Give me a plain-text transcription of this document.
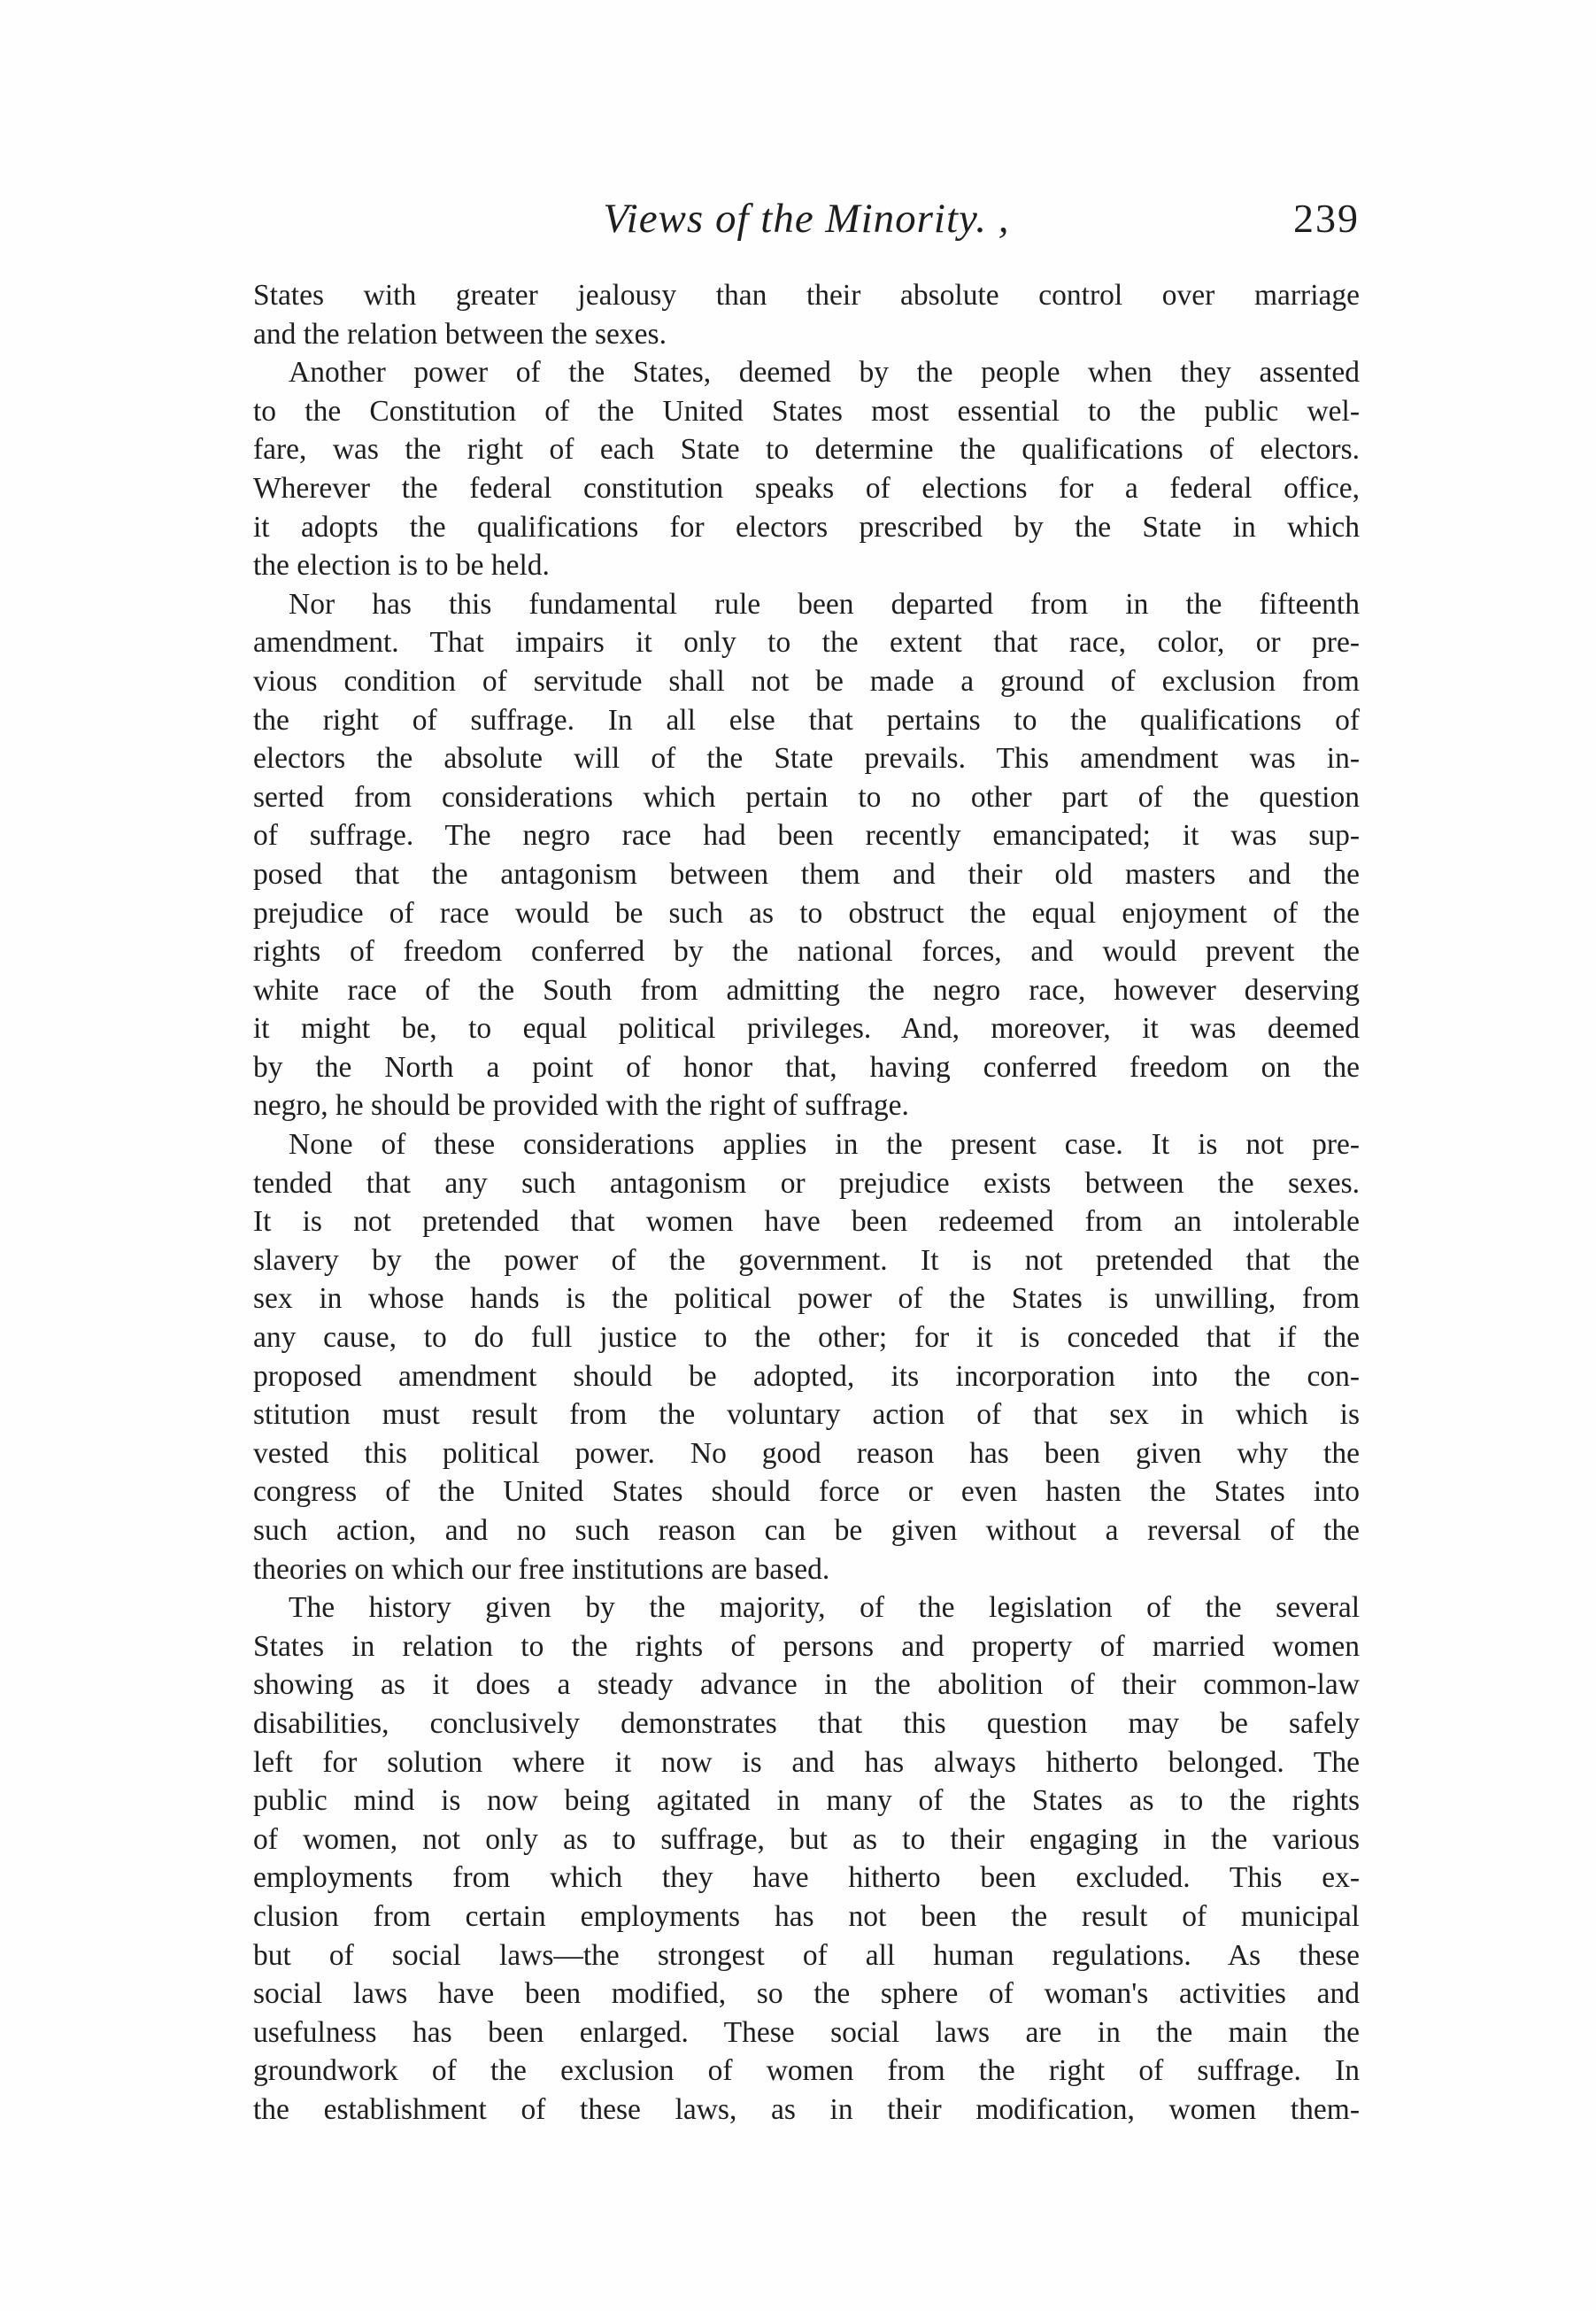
Views of the Minority. ,	239
States with greater jealousy than their absolute control over marriage
and the relation between the sexes.
Another power of the States, deemed by the people when they assented
to the Constitution of the United States most essential to the public wel-
fare, was the right of each State to determine the qualifications of electors.
Wherever the federal constitution speaks of elections for a federal office,
it adopts the qualifications for electors prescribed by the State in which
the election is to be held.
Nor has this fundamental rule been departed from in the fifteenth
amendment. That impairs it only to the extent that race, color, or pre-
vious condition of servitude shall not be made a ground of exclusion from
the right of suffrage. In all else that pertains to the qualifications of
electors the absolute will of the State prevails. This amendment was in-
serted from considerations which pertain to no other part of the question
of suffrage. The negro race had been recently emancipated; it was sup-
posed that the antagonism between them and their old masters and the
prejudice of race would be such as to obstruct the equal enjoyment of the
rights of freedom conferred by the national forces, and would prevent the
white race of the South from admitting the negro race, however deserving
it might be, to equal political privileges. And, moreover, it was deemed
by the North a point of honor that, having conferred freedom on the
negro, he should be provided with the right of suffrage.
None of these considerations applies in the present case. It is not pre-
tended that any such antagonism or prejudice exists between the sexes.
It is not pretended that women have been redeemed from an intolerable
slavery by the power of the government. It is not pretended that the
sex in whose hands is the political power of the States is unwilling, from
any cause, to do full justice to the other; for it is conceded that if the
proposed amendment should be adopted, its incorporation into the con-
stitution must result from the voluntary action of that sex in which is
vested this political power. No good reason has been given why the
congress of the United States should force or even hasten the States into
such action, and no such reason can be given without a reversal of the
theories on which our free institutions are based.
The history given by the majority, of the legislation of the several
States in relation to the rights of persons and property of married women
showing as it does a steady advance in the abolition of their common-law
disabilities, conclusively demonstrates that this question may be safely
left for solution where it now is and has always hitherto belonged. The
public mind is now being agitated in many of the States as to the rights
of women, not only as to suffrage, but as to their engaging in the various
employments from which they have hitherto been excluded. This ex-
clusion from certain employments has not been the result of municipal
but of social laws—the strongest of all human regulations. As these
social laws have been modified, so the sphere of woman's activities and
usefulness has been enlarged. These social laws are in the main the
groundwork of the exclusion of women from the right of suffrage. In
the establishment of these laws, as in their modification, women them-
